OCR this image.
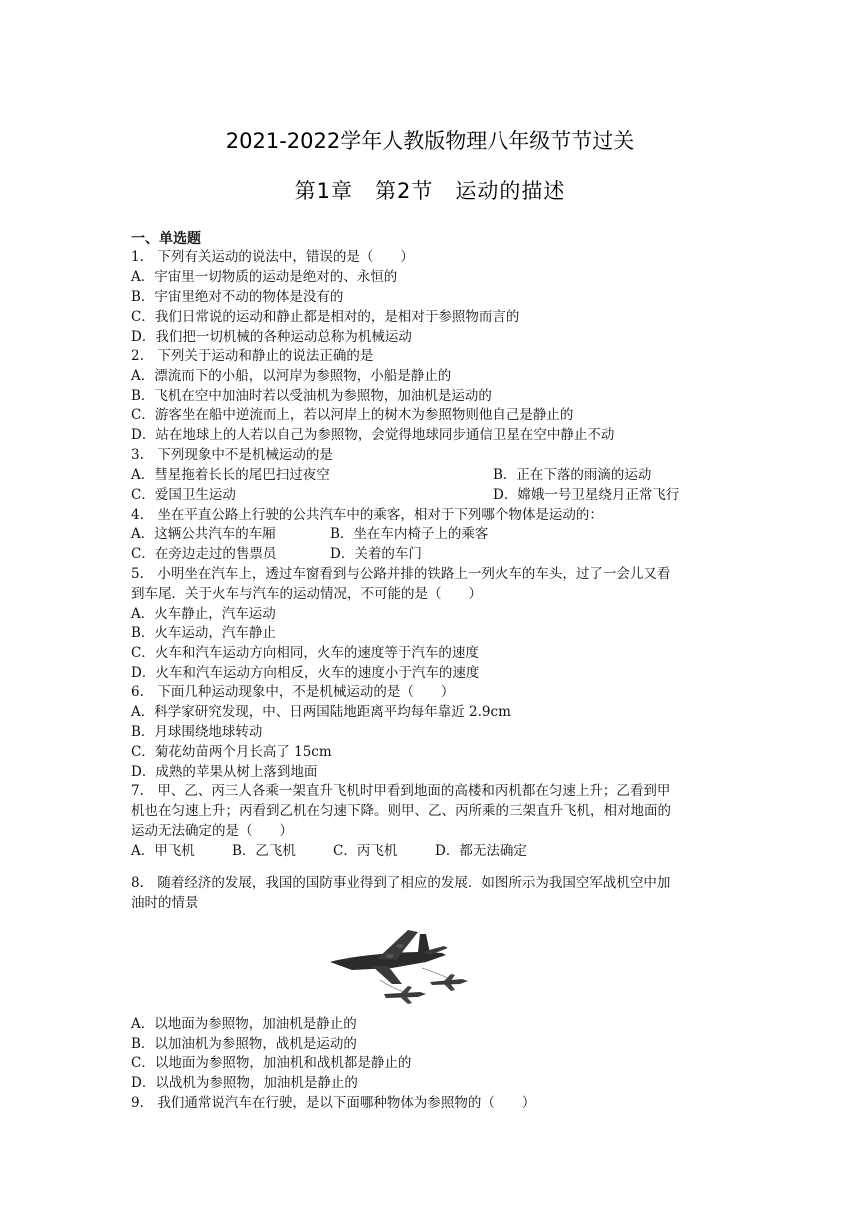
2021-2022学年人教版物理八年级节节过关
第1章　第2节　运动的描述
一、单选题
1.　下列有关运动的说法中，错误的是（　　）
A．宇宙里一切物质的运动是绝对的、永恒的
B．宇宙里绝对不动的物体是没有的
C．我们日常说的运动和静止都是相对的，是相对于参照物而言的
D．我们把一切机械的各种运动总称为机械运动
2.　下列关于运动和静止的说法正确的是
A．漂流而下的小船，以河岸为参照物，小船是静止的
B．飞机在空中加油时若以受油机为参照物，加油机是运动的
C．游客坐在船中逆流而上，若以河岸上的树木为参照物则他自己是静止的
D．站在地球上的人若以自己为参照物，会觉得地球同步通信卫星在空中静止不动
3.　下列现象中不是机械运动的是
A．彗星拖着长长的尾巴扫过夜空	B．正在下落的雨滴的运动
C．爱国卫生运动	D．嫦娥一号卫星绕月正常飞行
4.　坐在平直公路上行驶的公共汽车中的乘客，相对于下列哪个物体是运动的：
A．这辆公共汽车的车厢	B．坐在车内椅子上的乘客
C．在旁边走过的售票员	D．关着的车门
5.　小明坐在汽车上，透过车窗看到与公路并排的铁路上一列火车的车头，过了一会儿又看
到车尾．关于火车与汽车的运动情况，不可能的是（　　）
A．火车静止，汽车运动
B．火车运动，汽车静止
C．火车和汽车运动方向相同，火车的速度等于汽车的速度
D．火车和汽车运动方向相反，火车的速度小于汽车的速度
6.　下面几种运动现象中，不是机械运动的是（　　）
A．科学家研究发现，中、日两国陆地距离平均每年靠近 2.9cm
B．月球围绕地球转动
C．菊花幼苗两个月长高了 15cm
D．成熟的苹果从树上落到地面
7.　甲、乙、丙三人各乘一架直升飞机时甲看到地面的高楼和丙机都在匀速上升；乙看到甲
机也在匀速上升；丙看到乙机在匀速下降。则甲、乙、丙所乘的三架直升飞机，相对地面的
运动无法确定的是（　　）
A．甲飞机	B．乙飞机	C．丙飞机	D．都无法确定
8.　随着经济的发展，我国的国防事业得到了相应的发展．如图所示为我国空军战机空中加
油时的情景
A．以地面为参照物，加油机是静止的
B．以加油机为参照物，战机是运动的
C．以地面为参照物，加油机和战机都是静止的
D．以战机为参照物，加油机是静止的
9.　我们通常说汽车在行驶，是以下面哪种物体为参照物的（　　）
